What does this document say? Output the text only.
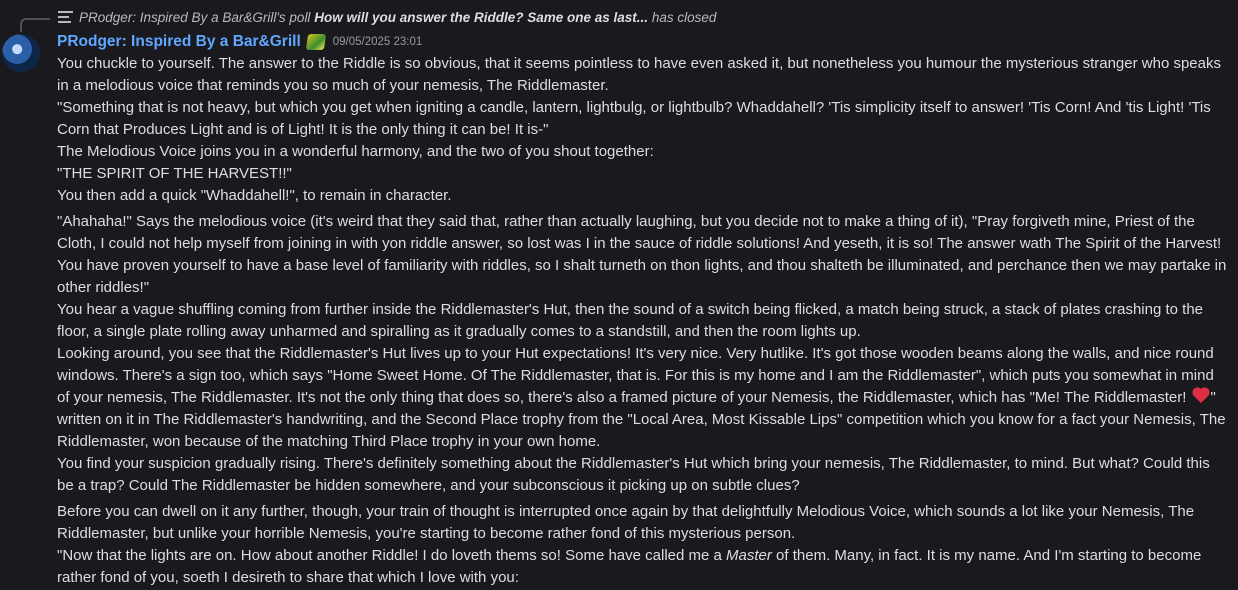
PRodger: Inspired By a Bar&Grill's poll How will you answer the Riddle? Same one as last... has closed
PRodger: Inspired By a Bar&Grill	09/05/2025 23:01

You chuckle to yourself. The answer to the Riddle is so obvious, that it seems pointless to have even asked it, but nonetheless you humour the mysterious stranger who speaks in a melodious voice that reminds you so much of your nemesis, The Riddlemaster.

"Something that is not heavy, but which you get when igniting a candle, lantern, lightbulg, or lightbulb? Whaddahell? 'Tis simplicity itself to answer! 'Tis Corn! And 'tis Light! 'Tis Corn that Produces Light and is of Light! It is the only thing it can be! It is-"

The Melodious Voice joins you in a wonderful harmony, and the two of you shout together:

"THE SPIRIT OF THE HARVEST!!"

You then add a quick "Whaddahell!", to remain in character.

"Ahahaha!" Says the melodious voice (it's weird that they said that, rather than actually laughing, but you decide not to make a thing of it), "Pray forgiveth mine, Priest of the Cloth, I could not help myself from joining in with yon riddle answer, so lost was I in the sauce of riddle solutions! And yeseth, it is so! The answer wath The Spirit of the Harvest! You have proven yourself to have a base level of familiarity with riddles, so I shalt turneth on thon lights, and thou shalteth be illuminated, and perchance then we may partake in other riddles!"

You hear a vague shuffling coming from further inside the Riddlemaster's Hut, then the sound of a switch being flicked, a match being struck, a stack of plates crashing to the floor, a single plate rolling away unharmed and spiralling as it gradually comes to a standstill, and then the room lights up.

Looking around, you see that the Riddlemaster's Hut lives up to your Hut expectations! It's very nice. Very hutlike. It's got those wooden beams along the walls, and nice round windows. There's a sign too, which says "Home Sweet Home. Of The Riddlemaster, that is. For this is my home and I am the Riddlemaster", which puts you somewhat in mind of your nemesis, The Riddlemaster. It's not the only thing that does so, there's also a framed picture of your Nemesis, the Riddlemaster, which has "Me! The Riddlemaster! " written on it in The Riddlemaster's handwriting, and the Second Place trophy from the "Local Area, Most Kissable Lips" competition which you know for a fact your Nemesis, The Riddlemaster, won because of the matching Third Place trophy in your own home.

You find your suspicion gradually rising. There's definitely something about the Riddlemaster's Hut which bring your nemesis, The Riddlemaster, to mind. But what? Could this be a trap? Could The Riddlemaster be hidden somewhere, and your subconscious it picking up on subtle clues?

Before you can dwell on it any further, though, your train of thought is interrupted once again by that delightfully Melodious Voice, which sounds a lot like your Nemesis, The Riddlemaster, but unlike your horrible Nemesis, you're starting to become rather fond of this mysterious person.

"Now that the lights are on. How about another Riddle! I do loveth thems so! Some have called me a Master of them. Many, in fact. It is my name. And I'm starting to become rather fond of you, soeth I desireth to share that which I love with you:
